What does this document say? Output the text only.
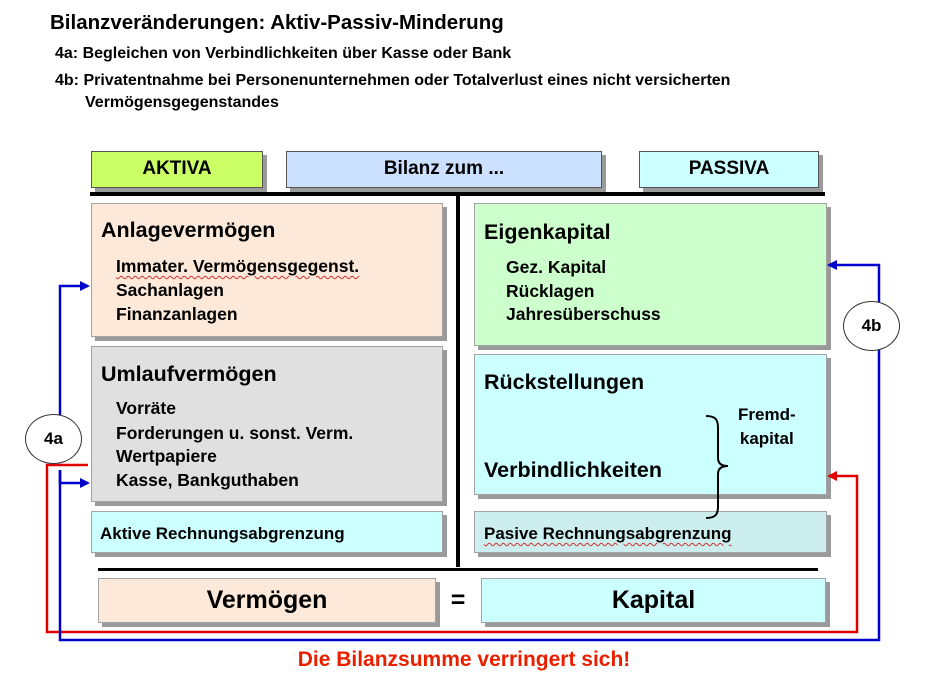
Bilanzveränderungen: Aktiv-Passiv-Minderung
4a: Begleichen von Verbindlichkeiten über Kasse oder Bank
4b: Privatentnahme bei Personenunternehmen oder Totalverlust eines nicht versicherten
Vermögensgegenstandes
AKTIVA	Bilanz zum ...	PASSIVA
Anlagevermögen
Immater. Vermögensgegenst.
Sachanlagen
Finanzanlagen
Umlaufvermögen
Vorräte
Forderungen u. sonst. Verm.
Wertpapiere
Kasse, Bankguthaben
Aktive Rechnungsabgrenzung
Eigenkapital
Gez. Kapital
Rücklagen
Jahresüberschuss
Rückstellungen
Verbindlichkeiten
Fremd-
kapital
Pasive Rechnungsabgrenzung
Vermögen	=	Kapital
4a
4b
Die Bilanzsumme verringert sich!
